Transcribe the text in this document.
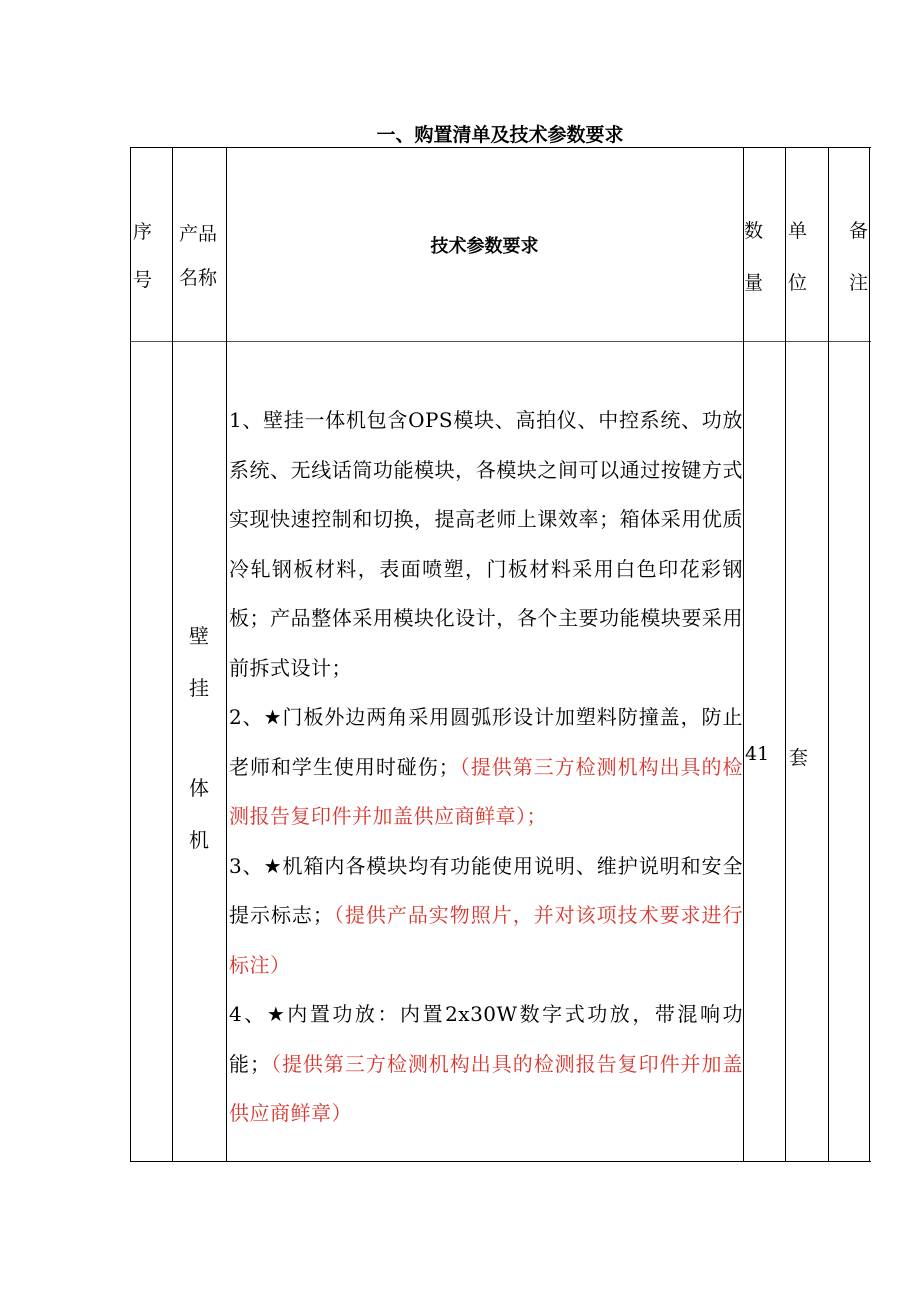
一、购置清单及技术参数要求
序
号
产品
名称
技术参数要求
数
量
单
位
备
注
壁
挂
体
机

1、壁挂一体机包含OPS模块、高拍仪、中控系统、功放系统、无线话筒功能模块，各模块之间可以通过按键方式实现快速控制和切换，提高老师上课效率；箱体采用优质冷轧钢板材料，表面喷塑，门板材料采用白色印花彩钢板；产品整体采用模块化设计，各个主要功能模块要采用前拆式设计；

2、★门板外边两角采用圆弧形设计加塑料防撞盖，防止老师和学生使用时碰伤；（提供第三方检测机构出具的检测报告复印件并加盖供应商鲜章）；

3、★机箱内各模块均有功能使用说明、维护说明和安全提示标志；（提供产品实物照片，并对该项技术要求进行标注）

4、★内置功放：内置2x30W数字式功放，带混响功能；（提供第三方检测机构出具的检测报告复印件并加盖供应商鲜章）

41 套
